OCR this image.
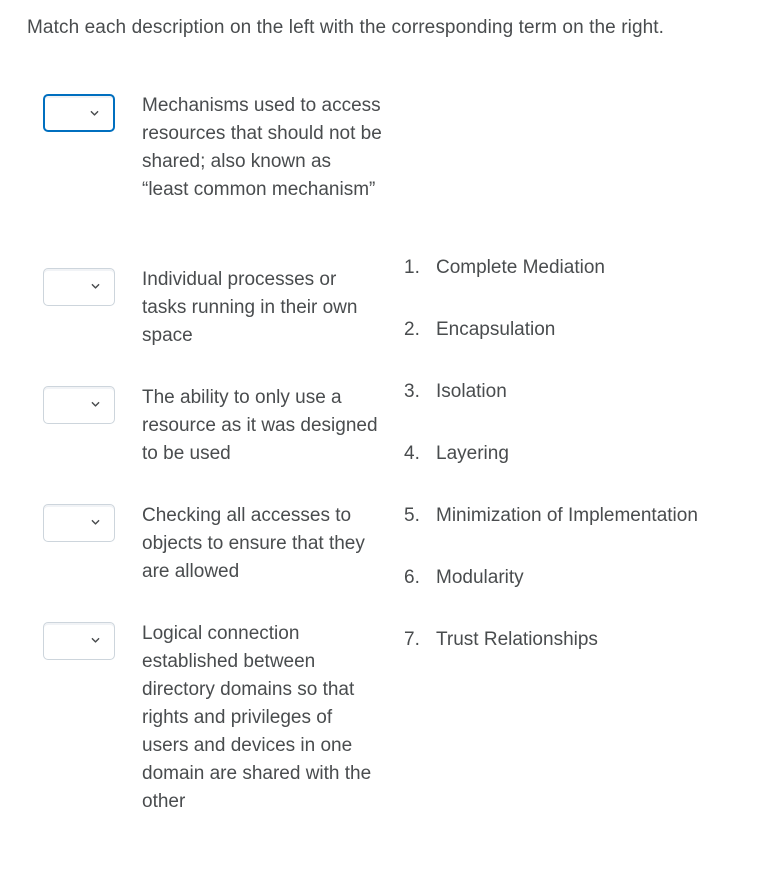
Match each description on the left with the corresponding term on the right.
Mechanisms used to access resources that should not be shared; also known as “least common mechanism”
Individual processes or tasks running in their own space
The ability to only use a resource as it was designed to be used
Checking all accesses to objects to ensure that they are allowed
Logical connection established between directory domains so that rights and privileges of users and devices in one domain are shared with the other
1. Complete Mediation
2. Encapsulation
3. Isolation
4. Layering
5. Minimization of Implementation
6. Modularity
7. Trust Relationships
